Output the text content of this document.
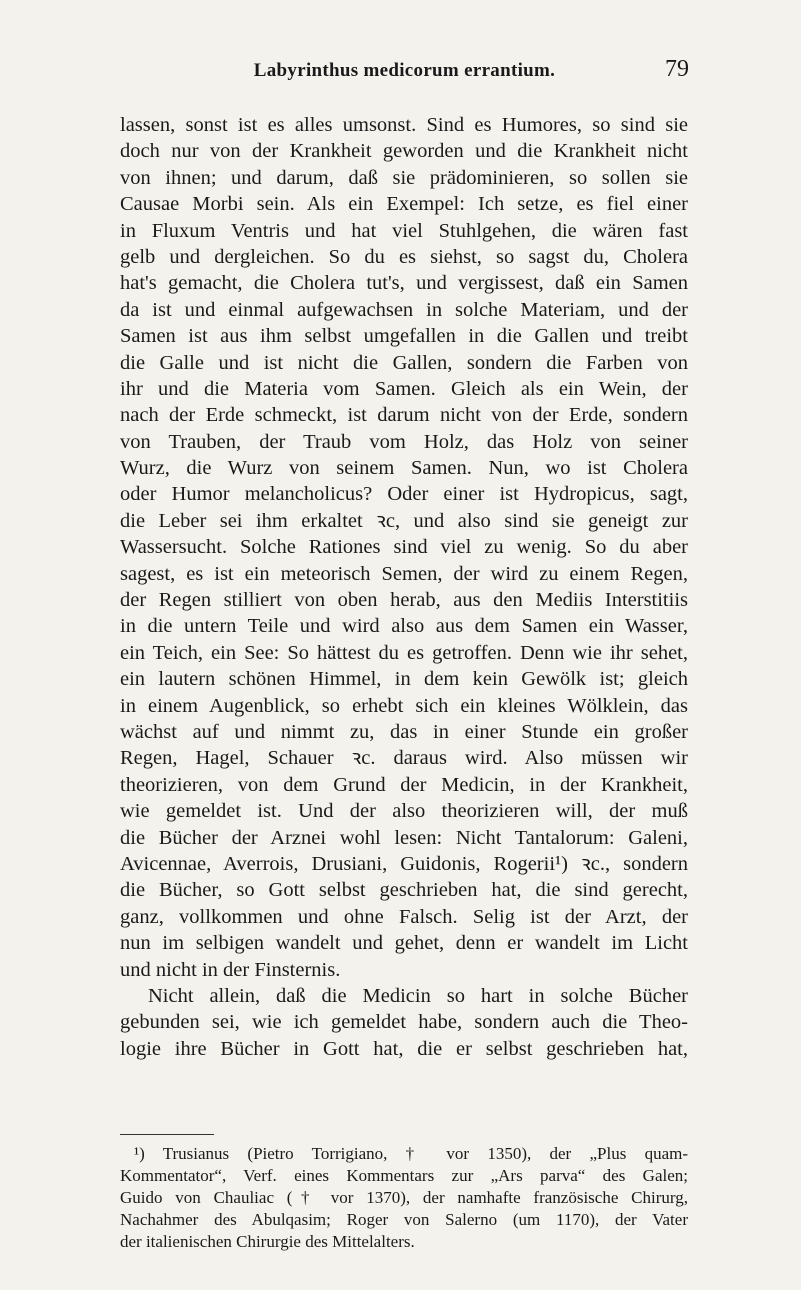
Labyrinthus medicorum errantium.	79
lassen, sonst ist es alles umsonst. Sind es Humores, so sind sie
doch nur von der Krankheit geworden und die Krankheit nicht
von ihnen; und darum, daß sie prädominieren, so sollen sie
Causae Morbi sein. Als ein Exempel: Ich setze, es fiel einer
in Fluxum Ventris und hat viel Stuhlgehen, die wären fast
gelb und dergleichen. So du es siehst, so sagst du, Cholera
hat's gemacht, die Cholera tut's, und vergissest, daß ein Samen
da ist und einmal aufgewachsen in solche Materiam, und der
Samen ist aus ihm selbst umgefallen in die Gallen und treibt
die Galle und ist nicht die Gallen, sondern die Farben von
ihr und die Materia vom Samen. Gleich als ein Wein, der
nach der Erde schmeckt, ist darum nicht von der Erde, sondern
von Trauben, der Traub vom Holz, das Holz von seiner
Wurz, die Wurz von seinem Samen. Nun, wo ist Cholera
oder Humor melancholicus? Oder einer ist Hydropicus, sagt,
die Leber sei ihm erkaltet ꝛc, und also sind sie geneigt zur
Wassersucht. Solche Rationes sind viel zu wenig. So du aber
sagest, es ist ein meteorisch Semen, der wird zu einem Regen,
der Regen stilliert von oben herab, aus den Mediis Interstitiis
in die untern Teile und wird also aus dem Samen ein Wasser,
ein Teich, ein See: So hättest du es getroffen. Denn wie ihr sehet,
ein lautern schönen Himmel, in dem kein Gewölk ist; gleich
in einem Augenblick, so erhebt sich ein kleines Wölklein, das
wächst auf und nimmt zu, das in einer Stunde ein großer
Regen, Hagel, Schauer ꝛc. daraus wird. Also müssen wir
theorizieren, von dem Grund der Medicin, in der Krankheit,
wie gemeldet ist. Und der also theorizieren will, der muß
die Bücher der Arznei wohl lesen: Nicht Tantalorum: Galeni,
Avicennae, Averrois, Drusiani, Guidonis, Rogerii¹) ꝛc., sondern
die Bücher, so Gott selbst geschrieben hat, die sind gerecht,
ganz, vollkommen und ohne Falsch. Selig ist der Arzt, der
nun im selbigen wandelt und gehet, denn er wandelt im Licht
und nicht in der Finsternis.
Nicht allein, daß die Medicin so hart in solche Bücher
gebunden sei, wie ich gemeldet habe, sondern auch die Theo-
logie ihre Bücher in Gott hat, die er selbst geschrieben hat,
¹) Trusianus (Pietro Torrigiano, † vor 1350), der „Plus quam-
Kommentator“, Verf. eines Kommentars zur „Ars parva“ des Galen;
Guido von Chauliac († vor 1370), der namhafte französische Chirurg,
Nachahmer des Abulqasim; Roger von Salerno (um 1170), der Vater
der italienischen Chirurgie des Mittelalters.
